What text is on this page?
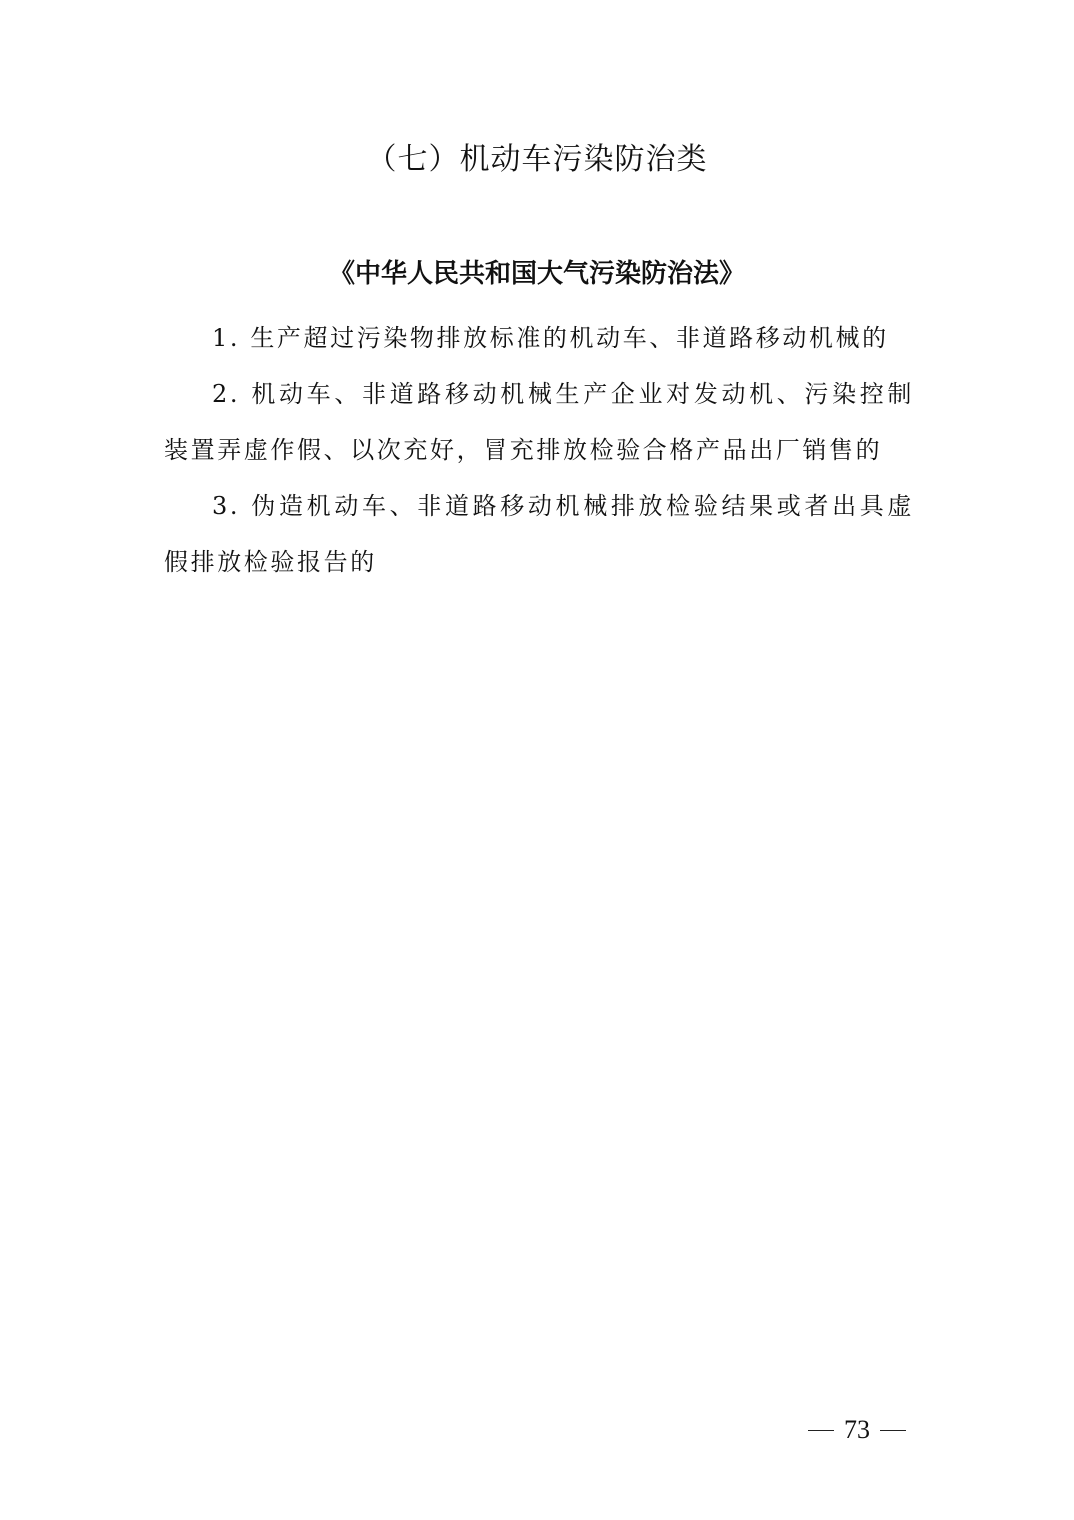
（七）机动车污染防治类
《中华人民共和国大气污染防治法》
1. 生产超过污染物排放标准的机动车、非道路移动机械的
2. 机动车、非道路移动机械生产企业对发动机、污染控制装置弄虚作假、以次充好，冒充排放检验合格产品出厂销售的
3. 伪造机动车、非道路移动机械排放检验结果或者出具虚假排放检验报告的
73
